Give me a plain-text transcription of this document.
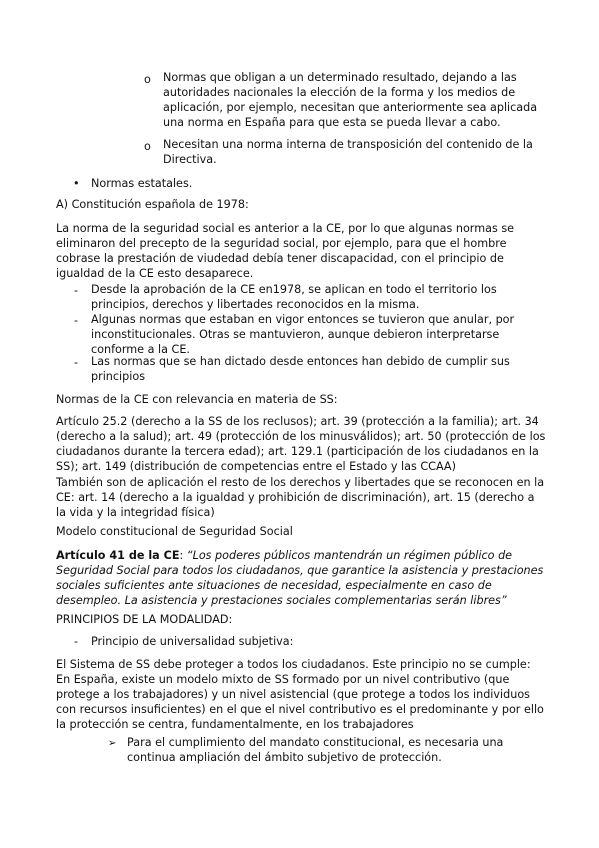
o Normas que obligan a un determinado resultado, dejando a las autoridades nacionales la elección de la forma y los medios de aplicación, por ejemplo, necesitan que anteriormente sea aplicada una norma en España para que esta se pueda llevar a cabo.

o Necesitan una norma interna de transposición del contenido de la Directiva.

• Normas estatales.

A) Constitución española de 1978:

La norma de la seguridad social es anterior a la CE, por lo que algunas normas se eliminaron del precepto de la seguridad social, por ejemplo, para que el hombre cobrase la prestación de viudedad debía tener discapacidad, con el principio de igualdad de la CE esto desaparece.

- Desde la aprobación de la CE en1978, se aplican en todo el territorio los principios, derechos y libertades reconocidos en la misma.

- Algunas normas que estaban en vigor entonces se tuvieron que anular, por inconstitucionales. Otras se mantuvieron, aunque debieron interpretarse conforme a la CE.

- Las normas que se han dictado desde entonces han debido de cumplir sus principios

Normas de la CE con relevancia en materia de SS:

Artículo 25.2 (derecho a la SS de los reclusos); art. 39 (protección a la familia); art. 34 (derecho a la salud); art. 49 (protección de los minusválidos); art. 50 (protección de los ciudadanos durante la tercera edad); art. 129.1 (participación de los ciudadanos en la SS); art. 149 (distribución de competencias entre el Estado y las CCAA)

También son de aplicación el resto de los derechos y libertades que se reconocen en la CE: art. 14 (derecho a la igualdad y prohibición de discriminación), art. 15 (derecho a la vida y la integridad física)

Modelo constitucional de Seguridad Social

Artículo 41 de la CE: “Los poderes públicos mantendrán un régimen público de Seguridad Social para todos los ciudadanos, que garantice la asistencia y prestaciones sociales suficientes ante situaciones de necesidad, especialmente en caso de desempleo. La asistencia y prestaciones sociales complementarias serán libres”

PRINCIPIOS DE LA MODALIDAD:

- Principio de universalidad subjetiva:

El Sistema de SS debe proteger a todos los ciudadanos. Este principio no se cumple: En España, existe un modelo mixto de SS formado por un nivel contributivo (que protege a los trabajadores) y un nivel asistencial (que protege a todos los individuos con recursos insuficientes) en el que el nivel contributivo es el predominante y por ello la protección se centra, fundamentalmente, en los trabajadores

➢ Para el cumplimiento del mandato constitucional, es necesaria una continua ampliación del ámbito subjetivo de protección.
